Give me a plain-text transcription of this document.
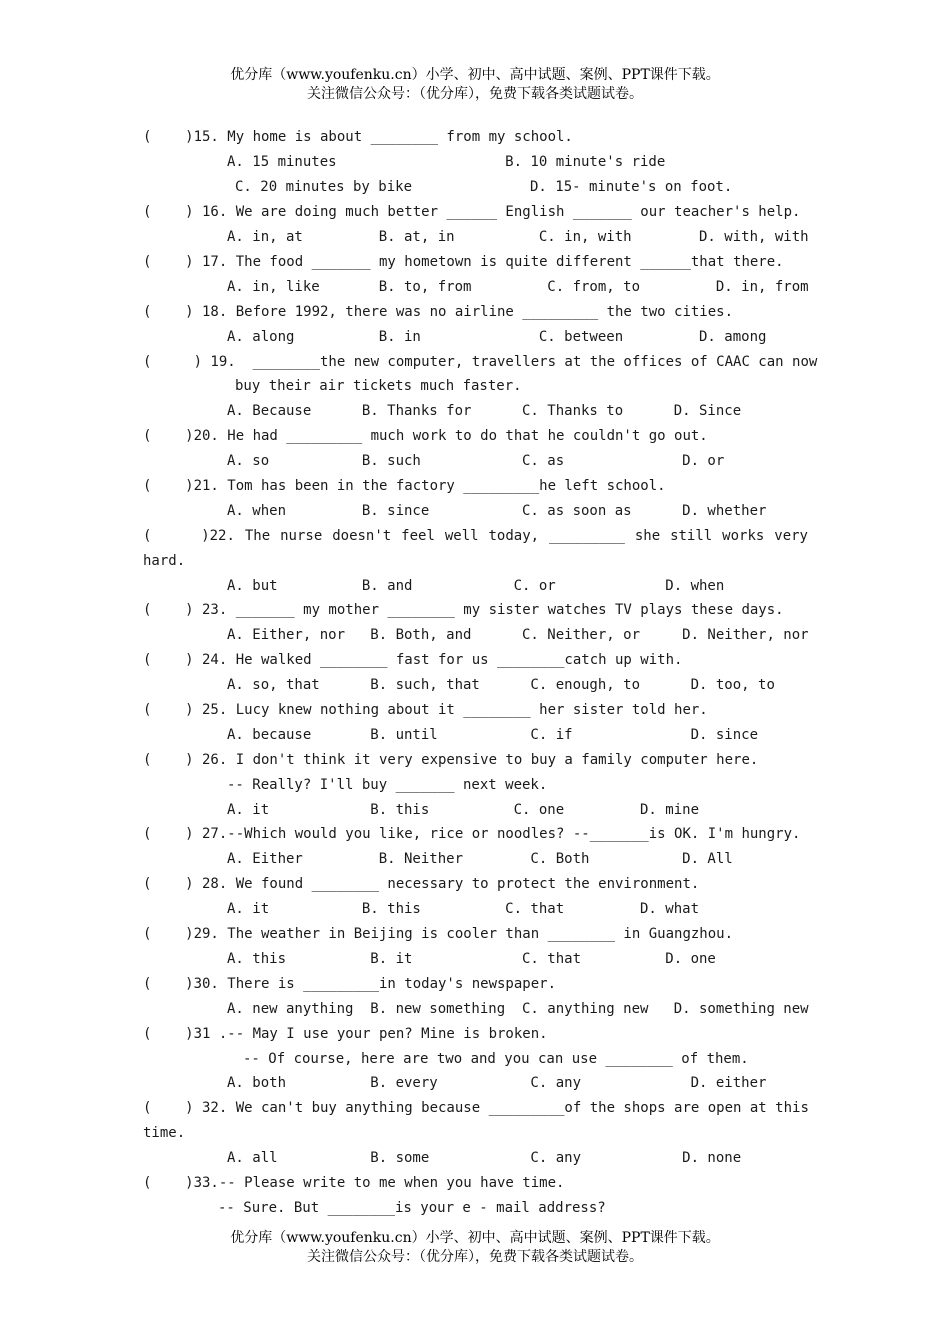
优分库（www.youfenku.cn）小学、初中、高中试题、案例、PPT课件下载。
关注微信公众号：（优分库），免费下载各类试题试卷。
(    )15. My home is about ________ from my school.
A. 15 minutes                    B. 10 minute's ride
C. 20 minutes by bike              D. 15- minute's on foot.
(    ) 16. We are doing much better ______ English _______ our teacher's help.
A. in, at         B. at, in          C. in, with        D. with, with
(    ) 17. The food _______ my hometown is quite different ______that there.
A. in, like       B. to, from         C. from, to         D. in, from
(    ) 18. Before 1992, there was no airline _________ the two cities.
A. along          B. in              C. between         D. among
(     ) 19.  ________the new computer, travellers at the offices of CAAC can now
buy their air tickets much faster.
A. Because      B. Thanks for      C. Thanks to      D. Since
(    )20. He had _________ much work to do that he couldn't go out.
A. so           B. such            C. as              D. or
(    )21. Tom has been in the factory _________he left school.
A. when         B. since           C. as soon as      D. whether
(     )22. The nurse doesn't feel well today, _________ she still works very
hard.
A. but          B. and            C. or             D. when
(    ) 23. _______ my mother ________ my sister watches TV plays these days.
A. Either, nor   B. Both, and      C. Neither, or     D. Neither, nor
(    ) 24. He walked ________ fast for us ________catch up with.
A. so, that      B. such, that      C. enough, to      D. too, to
(    ) 25. Lucy knew nothing about it ________ her sister told her.
A. because       B. until           C. if              D. since
(    ) 26. I don't think it very expensive to buy a family computer here.
-- Really? I'll buy _______ next week.
A. it            B. this          C. one         D. mine
(    ) 27.--Which would you like, rice or noodles? --_______is OK. I'm hungry.
A. Either         B. Neither        C. Both           D. All
(    ) 28. We found ________ necessary to protect the environment.
A. it           B. this          C. that         D. what
(    )29. The weather in Beijing is cooler than ________ in Guangzhou.
A. this          B. it             C. that          D. one
(    )30. There is _________in today's newspaper.
A. new anything  B. new something  C. anything new   D. something new
(    )31 .-- May I use your pen? Mine is broken.
-- Of course, here are two and you can use ________ of them.
A. both          B. every           C. any             D. either
(    ) 32. We can't buy anything because _________of the shops are open at this
time.
A. all           B. some            C. any            D. none
(    )33.-- Please write to me when you have time.
-- Sure. But ________is your e - mail address?
优分库（www.youfenku.cn）小学、初中、高中试题、案例、PPT课件下载。
关注微信公众号：（优分库），免费下载各类试题试卷。
